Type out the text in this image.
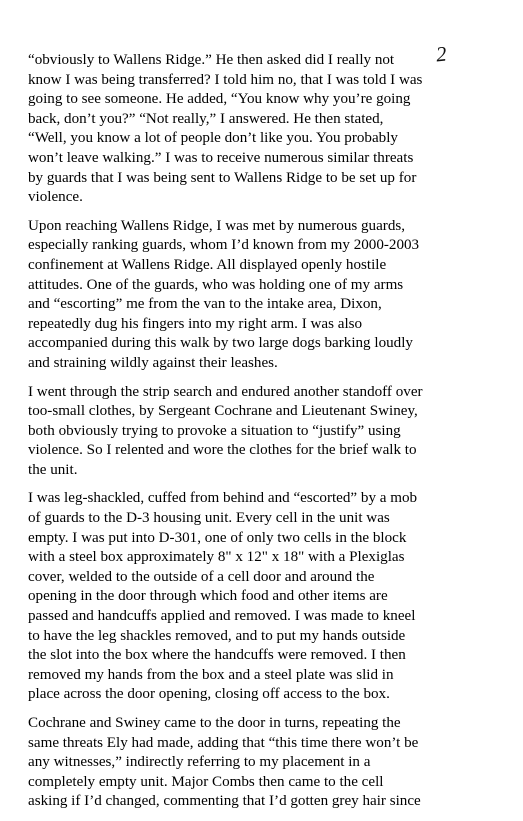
2

“obviously to Wallens Ridge.” He then asked did I really not
know I was being transferred? I told him no, that I was told I was
going to see someone. He added, “You know why you’re going
back, don’t you?” “Not really,” I answered. He then stated,
“Well, you know a lot of people don’t like you. You probably
won’t leave walking.” I was to receive numerous similar threats
by guards that I was being sent to Wallens Ridge to be set up for
violence.

Upon reaching Wallens Ridge, I was met by numerous guards,
especially ranking guards, whom I’d known from my 2000-2003
confinement at Wallens Ridge. All displayed openly hostile
attitudes. One of the guards, who was holding one of my arms
and “escorting” me from the van to the intake area, Dixon,
repeatedly dug his fingers into my right arm. I was also
accompanied during this walk by two large dogs barking loudly
and straining wildly against their leashes.

I went through the strip search and endured another standoff over
too-small clothes, by Sergeant Cochrane and Lieutenant Swiney,
both obviously trying to provoke a situation to “justify” using
violence. So I relented and wore the clothes for the brief walk to
the unit.

I was leg-shackled, cuffed from behind and “escorted” by a mob
of guards to the D-3 housing unit. Every cell in the unit was
empty. I was put into D-301, one of only two cells in the block
with a steel box approximately 8" x 12" x 18" with a Plexiglas
cover, welded to the outside of a cell door and around the
opening in the door through which food and other items are
passed and handcuffs applied and removed. I was made to kneel
to have the leg shackles removed, and to put my hands outside
the slot into the box where the handcuffs were removed. I then
removed my hands from the box and a steel plate was slid in
place across the door opening, closing off access to the box.

Cochrane and Swiney came to the door in turns, repeating the
same threats Ely had made, adding that “this time there won’t be
any witnesses,” indirectly referring to my placement in a
completely empty unit. Major Combs then came to the cell
asking if I’d changed, commenting that I’d gotten grey hair since
